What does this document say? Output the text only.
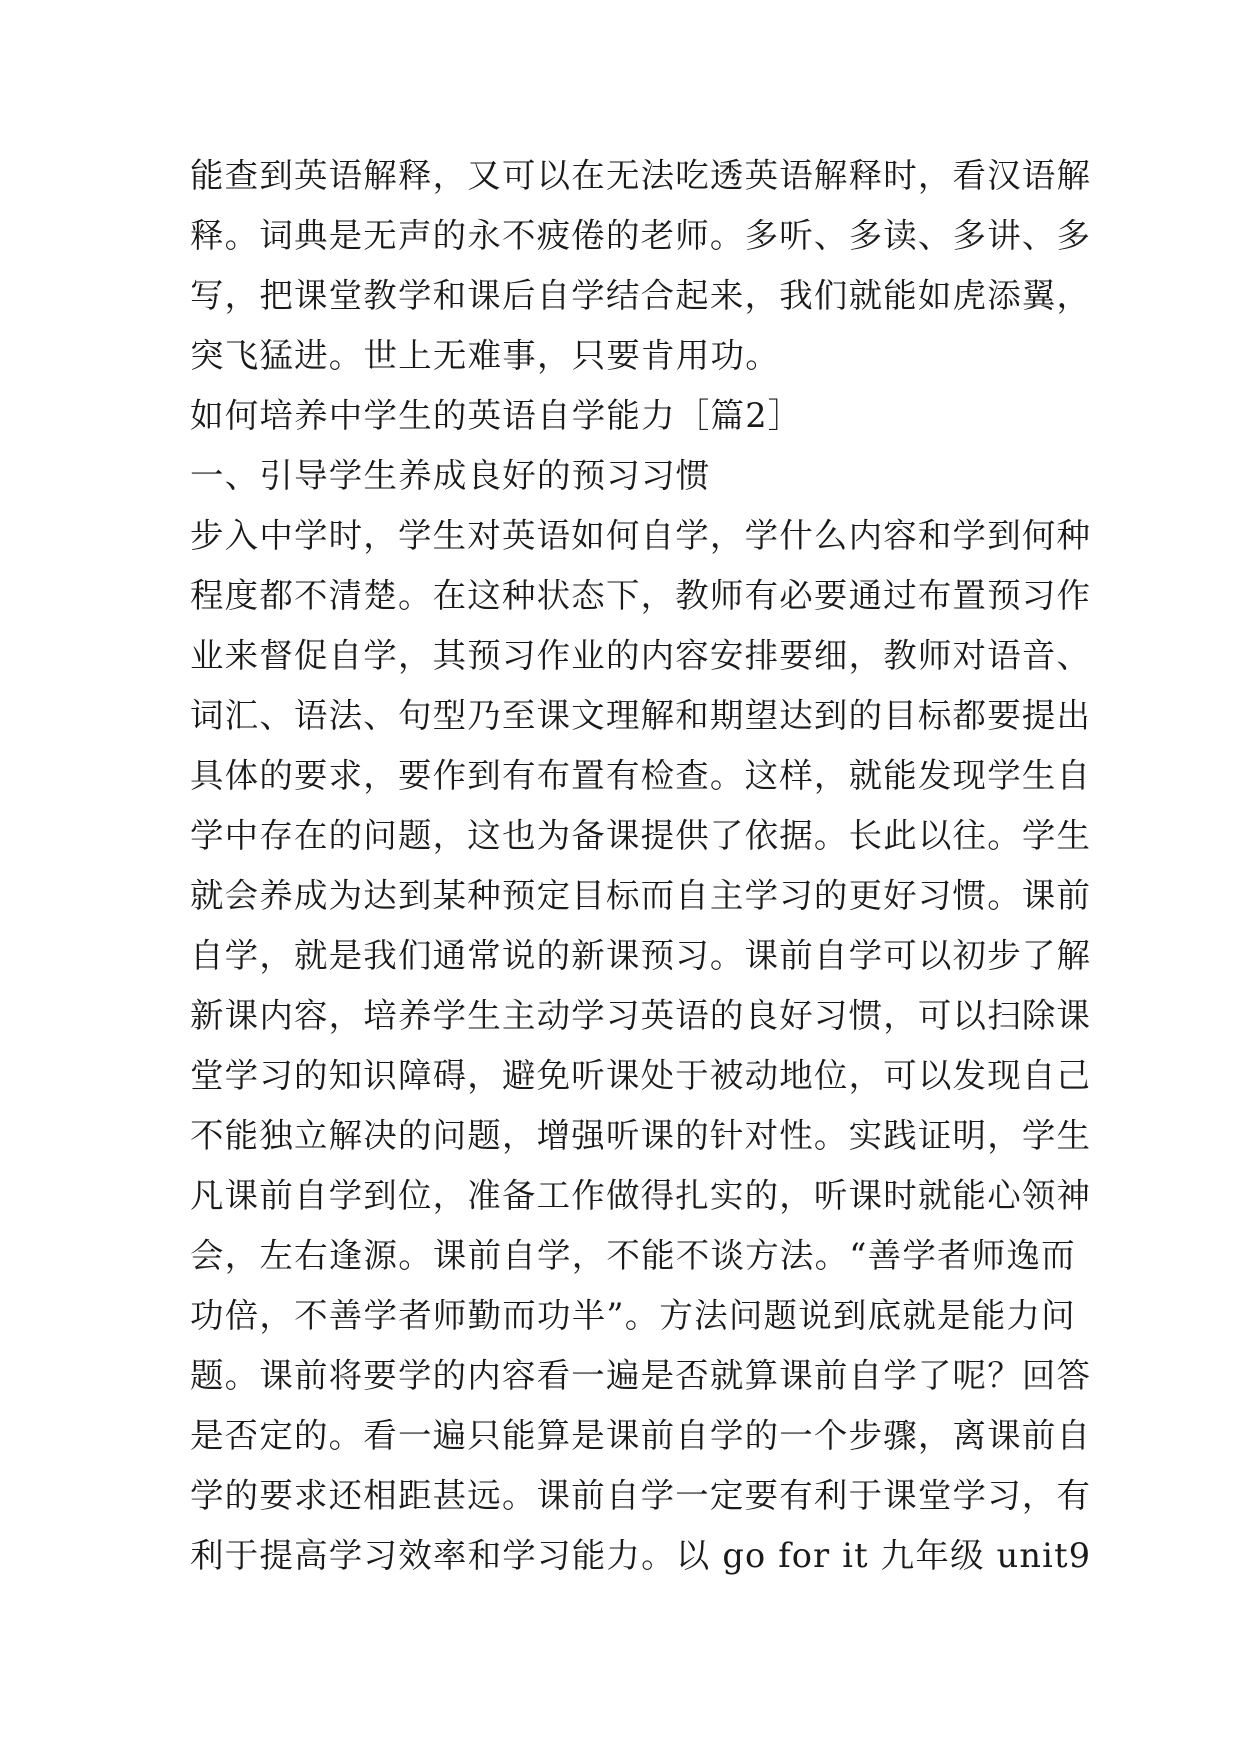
能查到英语解释，又可以在无法吃透英语解释时，看汉语解
释。词典是无声的永不疲倦的老师。多听、多读、多讲、多
写，把课堂教学和课后自学结合起来，我们就能如虎添翼，
突飞猛进。世上无难事，只要肯用功。
如何培养中学生的英语自学能力［篇2］
一、引导学生养成良好的预习习惯
步入中学时，学生对英语如何自学，学什么内容和学到何种
程度都不清楚。在这种状态下，教师有必要通过布置预习作
业来督促自学，其预习作业的内容安排要细，教师对语音、
词汇、语法、句型乃至课文理解和期望达到的目标都要提出
具体的要求，要作到有布置有检查。这样，就能发现学生自
学中存在的问题，这也为备课提供了依据。长此以往。学生
就会养成为达到某种预定目标而自主学习的更好习惯。课前
自学，就是我们通常说的新课预习。课前自学可以初步了解
新课内容，培养学生主动学习英语的良好习惯，可以扫除课
堂学习的知识障碍，避免听课处于被动地位，可以发现自己
不能独立解决的问题，增强听课的针对性。实践证明，学生
凡课前自学到位，准备工作做得扎实的，听课时就能心领神
会，左右逢源。课前自学，不能不谈方法。“善学者师逸而
功倍，不善学者师勤而功半”。方法问题说到底就是能力问
题。课前将要学的内容看一遍是否就算课前自学了呢？回答
是否定的。看一遍只能算是课前自学的一个步骤，离课前自
学的要求还相距甚远。课前自学一定要有利于课堂学习，有
利于提高学习效率和学习能力。以 go for it 九年级 unit9
